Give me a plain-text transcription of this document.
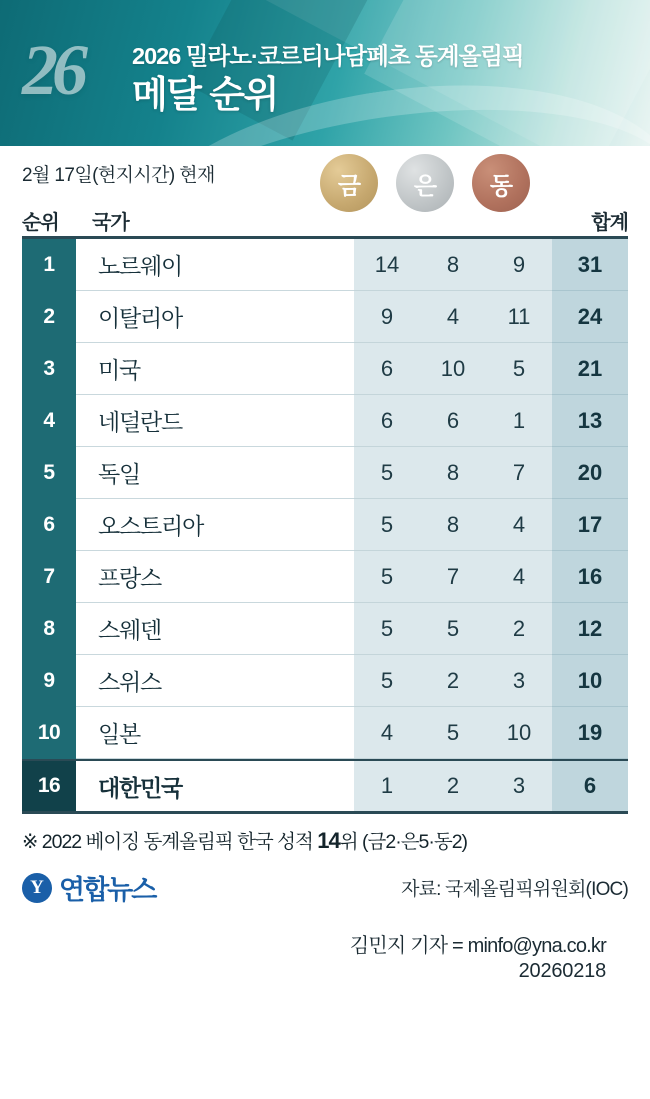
26 2026 밀라노·코르티나담페초 동계올림픽
메달 순위
2월 17일(현지시간) 현재	금	은	동
순위 국가	합계
1	노르웨이	14	8	9	31
2	이탈리아	9	4	11	24
3	미국	6	10	5	21
4	네덜란드	6	6	1	13
5	독일	5	8	7	20
6	오스트리아	5	8	4	17
7	프랑스	5	7	4	16
8	스웨덴	5	5	2	12
9	스위스	5	2	3	10
10	일본	4	5	10	19
16	대한민국	1	2	3	6
※ 2022 베이징 동계올림픽 한국 성적 14위 (금2·은5·동2)
Y 연합뉴스	자료: 국제올림픽위원회(IOC)
김민지 기자 = minfo@yna.co.kr
20260218
